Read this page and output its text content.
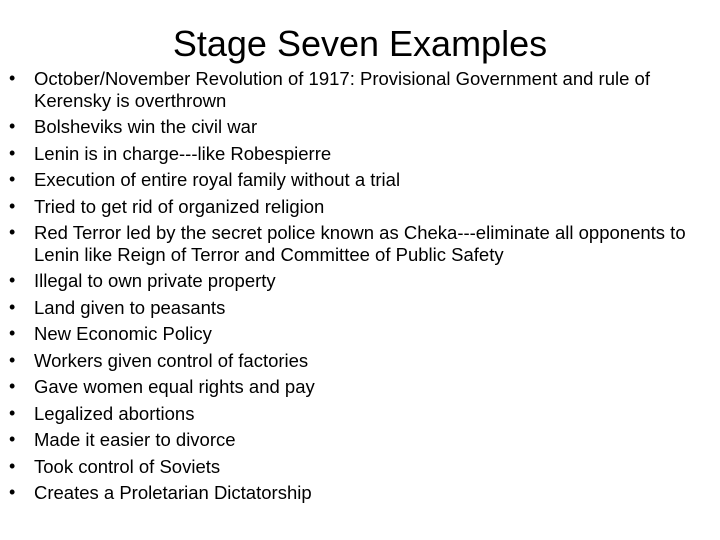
Stage Seven Examples
•	October/November Revolution of 1917: Provisional Government and rule of Kerensky is overthrown
•	Bolsheviks win the civil war
•	Lenin is in charge---like Robespierre
•	Execution of entire royal family without a trial
•	Tried to get rid of organized religion
•	Red Terror led by the secret police known as Cheka---eliminate all opponents to Lenin like Reign of Terror and Committee of Public Safety
•	Illegal to own private property
•	Land given to peasants
•	New Economic Policy
•	Workers given control of factories
•	Gave women equal rights and pay
•	Legalized abortions
•	Made it easier to divorce
•	Took control of Soviets
•	Creates a Proletarian Dictatorship
